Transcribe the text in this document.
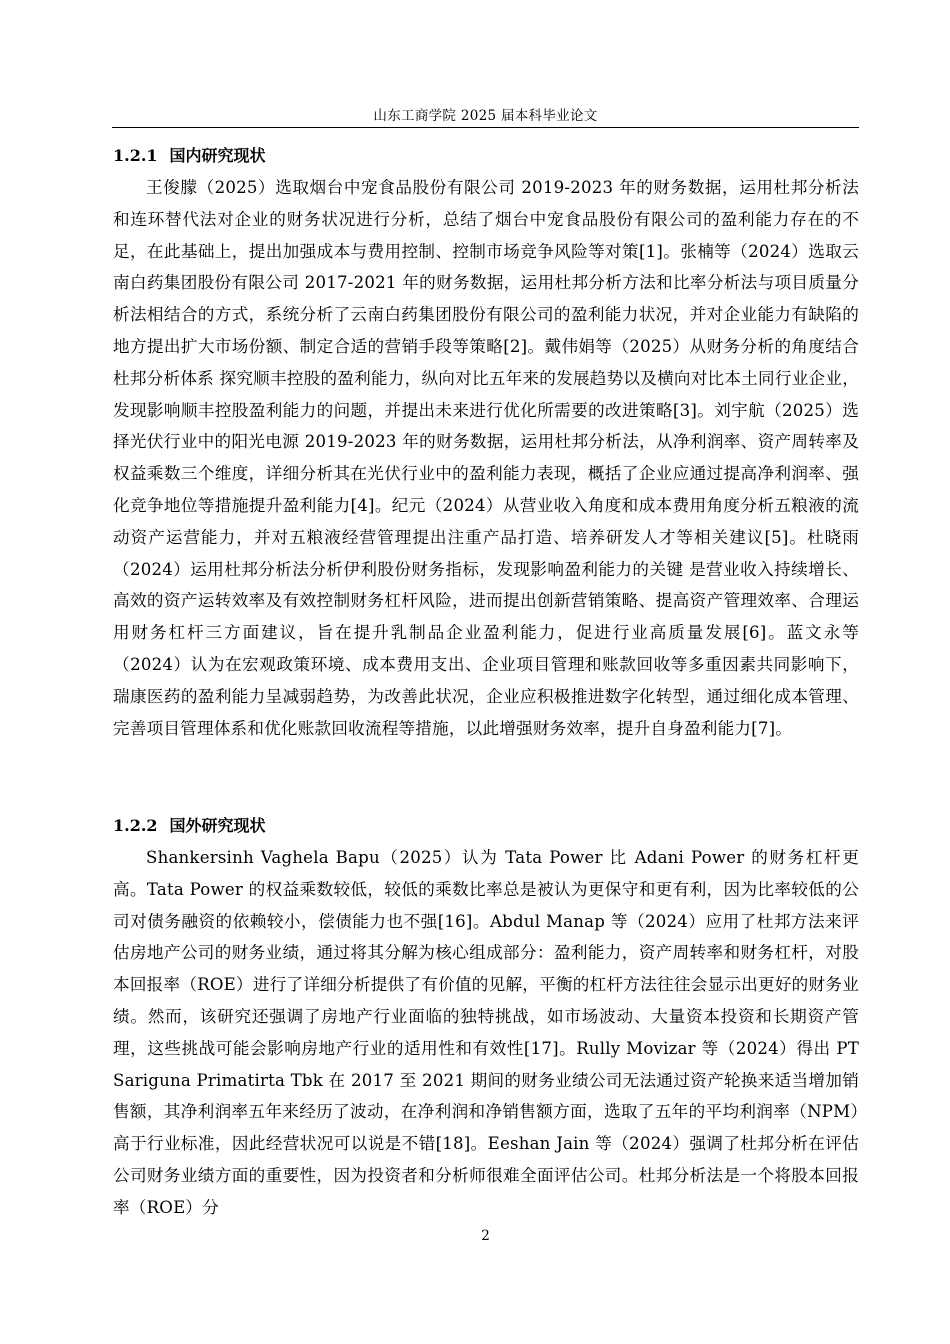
山东工商学院 2025 届本科毕业论文
1.2.1 国内研究现状

王俊朦（2025）选取烟台中宠食品股份有限公司 2019-2023 年的财务数据，运用杜邦分析法和连环替代法对企业的财务状况进行分析，总结了烟台中宠食品股份有限公司的盈利能力存在的不足，在此基础上，提出加强成本与费用控制、控制市场竞争风险等对策[1]。张楠等（2024）选取云南白药集团股份有限公司 2017-2021 年的财务数据，运用杜邦分析方法和比率分析法与项目质量分析法相结合的方式，系统分析了云南白药集团股份有限公司的盈利能力状况，并对企业能力有缺陷的地方提出扩大市场份额、制定合适的营销手段等策略[2]。戴伟娟等（2025）从财务分析的角度结合杜邦分析体系 探究顺丰控股的盈利能力，纵向对比五年来的发展趋势以及横向对比本土同行业企业，发现影响顺丰控股盈利能力的问题，并提出未来进行优化所需要的改进策略[3]。刘宇航（2025）选择光伏行业中的阳光电源 2019-2023 年的财务数据，运用杜邦分析法，从净利润率、资产周转率及权益乘数三个维度，详细分析其在光伏行业中的盈利能力表现，概括了企业应通过提高净利润率、强化竞争地位等措施提升盈利能力[4]。纪元（2024）从营业收入角度和成本费用角度分析五粮液的流动资产运营能力，并对五粮液经营管理提出注重产品打造、培养研发人才等相关建议[5]。杜晓雨（2024）运用杜邦分析法分析伊利股份财务指标，发现影响盈利能力的关键 是营业收入持续增长、高效的资产运转效率及有效控制财务杠杆风险，进而提出创新营销策略、提高资产管理效率、合理运用财务杠杆三方面建议，旨在提升乳制品企业盈利能力，促进行业高质量发展[6]。蓝文永等（2024）认为在宏观政策环境、成本费用支出、企业项目管理和账款回收等多重因素共同影响下，瑞康医药的盈利能力呈减弱趋势，为改善此状况，企业应积极推进数字化转型，通过细化成本管理、完善项目管理体系和优化账款回收流程等措施，以此增强财务效率，提升自身盈利能力[7]。

1.2.2 国外研究现状

Shankersinh Vaghela Bapu（2025）认为 Tata Power 比 Adani Power 的财务杠杆更高。Tata Power 的权益乘数较低，较低的乘数比率总是被认为更保守和更有利，因为比率较低的公司对债务融资的依赖较小，偿债能力也不强[16]。Abdul Manap 等（2024）应用了杜邦方法来评估房地产公司的财务业绩，通过将其分解为核心组成部分：盈利能力，资产周转率和财务杠杆，对股本回报率（ROE）进行了详细分析提供了有价值的见解，平衡的杠杆方法往往会显示出更好的财务业绩。然而，该研究还强调了房地产行业面临的独特挑战，如市场波动、大量资本投资和长期资产管理，这些挑战可能会影响房地产行业的适用性和有效性[17]。Rully Movizar 等（2024）得出 PT Sariguna Primatirta Tbk 在 2017 至 2021 期间的财务业绩公司无法通过资产轮换来适当增加销售额，其净利润率五年来经历了波动，在净利润和净销售额方面，选取了五年的平均利润率（NPM）高于行业标准，因此经营状况可以说是不错[18]。Eeshan Jain 等（2024）强调了杜邦分析在评估公司财务业绩方面的重要性，因为投资者和分析师很难全面评估公司。杜邦分析法是一个将股本回报率（ROE）分

2
